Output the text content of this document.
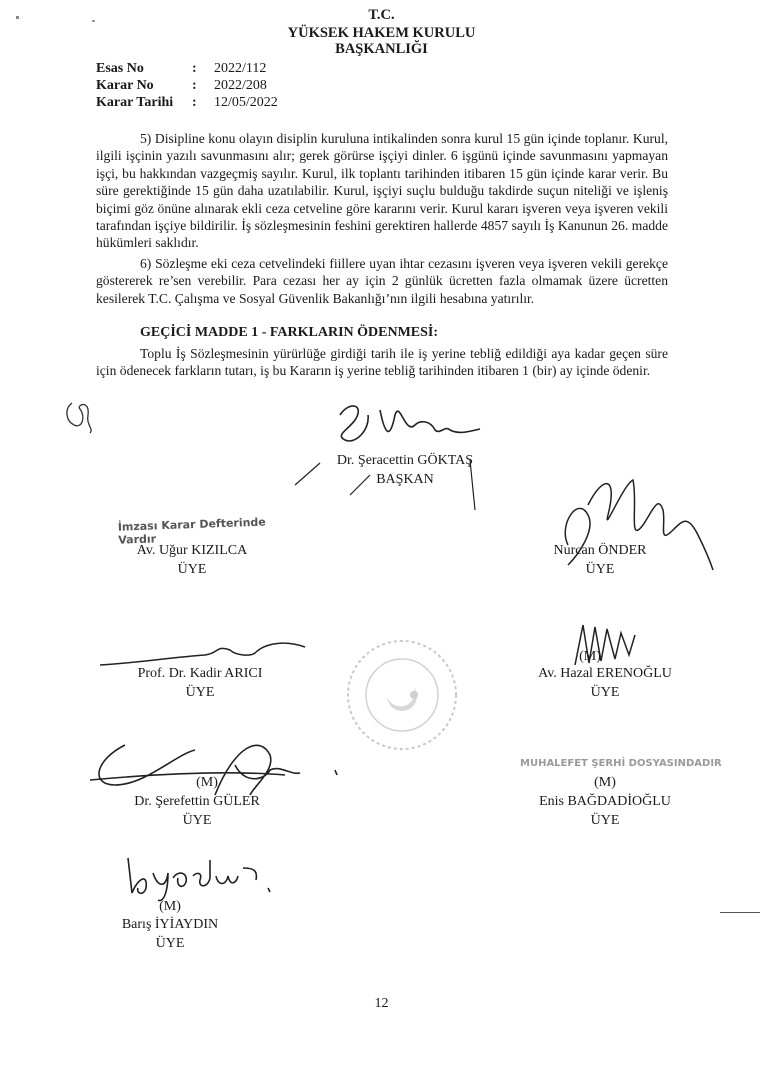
T.C.
YÜKSEK HAKEM KURULU
BAŞKANLIĞI
Esas No	:	2022/112
Karar No	:	2022/208
Karar Tarihi	:	12/05/2022

5) Disipline konu olayın disiplin kuruluna intikalinden sonra kurul 15 gün içinde toplanır. Kurul, ilgili işçinin yazılı savunmasını alır; gerek görürse işçiyi dinler. 6 işgünü içinde savunmasını yapmayan işçi, bu hakkından vazgeçmiş sayılır. Kurul, ilk toplantı tarihinden itibaren 15 gün içinde karar verir. Bu süre gerektiğinde 15 gün daha uzatılabilir. Kurul, işçiyi suçlu bulduğu takdirde suçun niteliği ve işleniş biçimi göz önüne alınarak ekli ceza cetveline göre kararını verir. Kurul kararı işveren veya işveren vekili tarafından işçiye bildirilir. İş sözleşmesinin feshini gerektiren hallerde 4857 sayılı İş Kanunun 26. madde hükümleri saklıdır.

6) Sözleşme eki ceza cetvelindeki fiillere uyan ihtar cezasını işveren veya işveren vekili gerekçe göstererek re’sen verebilir. Para cezası her ay için 2 günlük ücretten fazla olmamak üzere ücretten kesilerek T.C. Çalışma ve Sosyal Güvenlik Bakanlığı’nın ilgili hesabına yatırılır.

GEÇİCİ MADDE 1 - FARKLARIN ÖDENMESİ:

Toplu İş Sözleşmesinin yürürlüğe girdiği tarih ile iş yerine tebliğ edildiği aya kadar geçen süre için ödenecek farkların tutarı, iş bu Kararın iş yerine tebliğ tarihinden itibaren 1 (bir) ay içinde ödenir.

Dr. Şeracettin GÖKTAŞ
BAŞKAN
İmzası Karar Defterinde Vardır
Av. Uğur KIZILCA
ÜYE
Nurcan ÖNDER
ÜYE
Prof. Dr. Kadir ARICI
ÜYE
(M)
Av. Hazal ERENOĞLU
ÜYE
(M)
Dr. Şerefettin GÜLER
ÜYE
MUHALEFET ŞERHİ DOSYASINDADIR
(M)
Enis BAĞDADİOĞLU
ÜYE
(M)
Barış İYİAYDIN
ÜYE
12
